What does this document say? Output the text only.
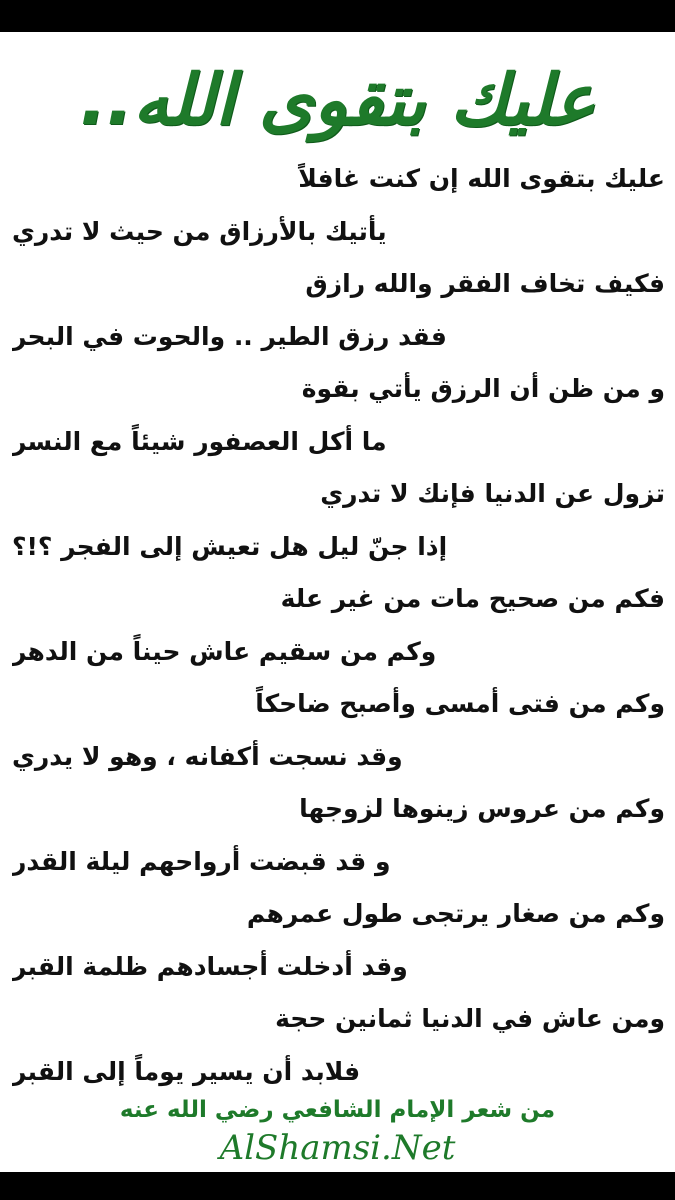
عليك بتقوى الله..
عليك بتقوى الله إن كنت غافلاً
يأتيك بالأرزاق من حيث لا تدري
فكيف تخاف الفقر والله رازق
فقد رزق الطير .. والحوت في البحر
و من ظن أن الرزق يأتي بقوة
ما أكل العصفور شيئاً مع النسر
تزول عن الدنيا فإنك لا تدري
إذا جنّ ليل هل تعيش إلى الفجر ؟!؟
فكم من صحيح مات من غير علة
وكم من سقيم عاش حيناً من الدهر
وكم من فتى أمسى وأصبح ضاحكاً
وقد نسجت أكفانه ، وهو لا يدري
وكم من عروس زينوها لزوجها
و قد قبضت أرواحهم ليلة القدر
وكم من صغار يرتجى طول عمرهم
وقد أدخلت أجسادهم ظلمة القبر
ومن عاش في الدنيا ثمانين حجة
من شعر الإمام الشافعي رضي الله عنه
AlShamsi.Net
فلابد أن يسير يوماً إلى القبر
